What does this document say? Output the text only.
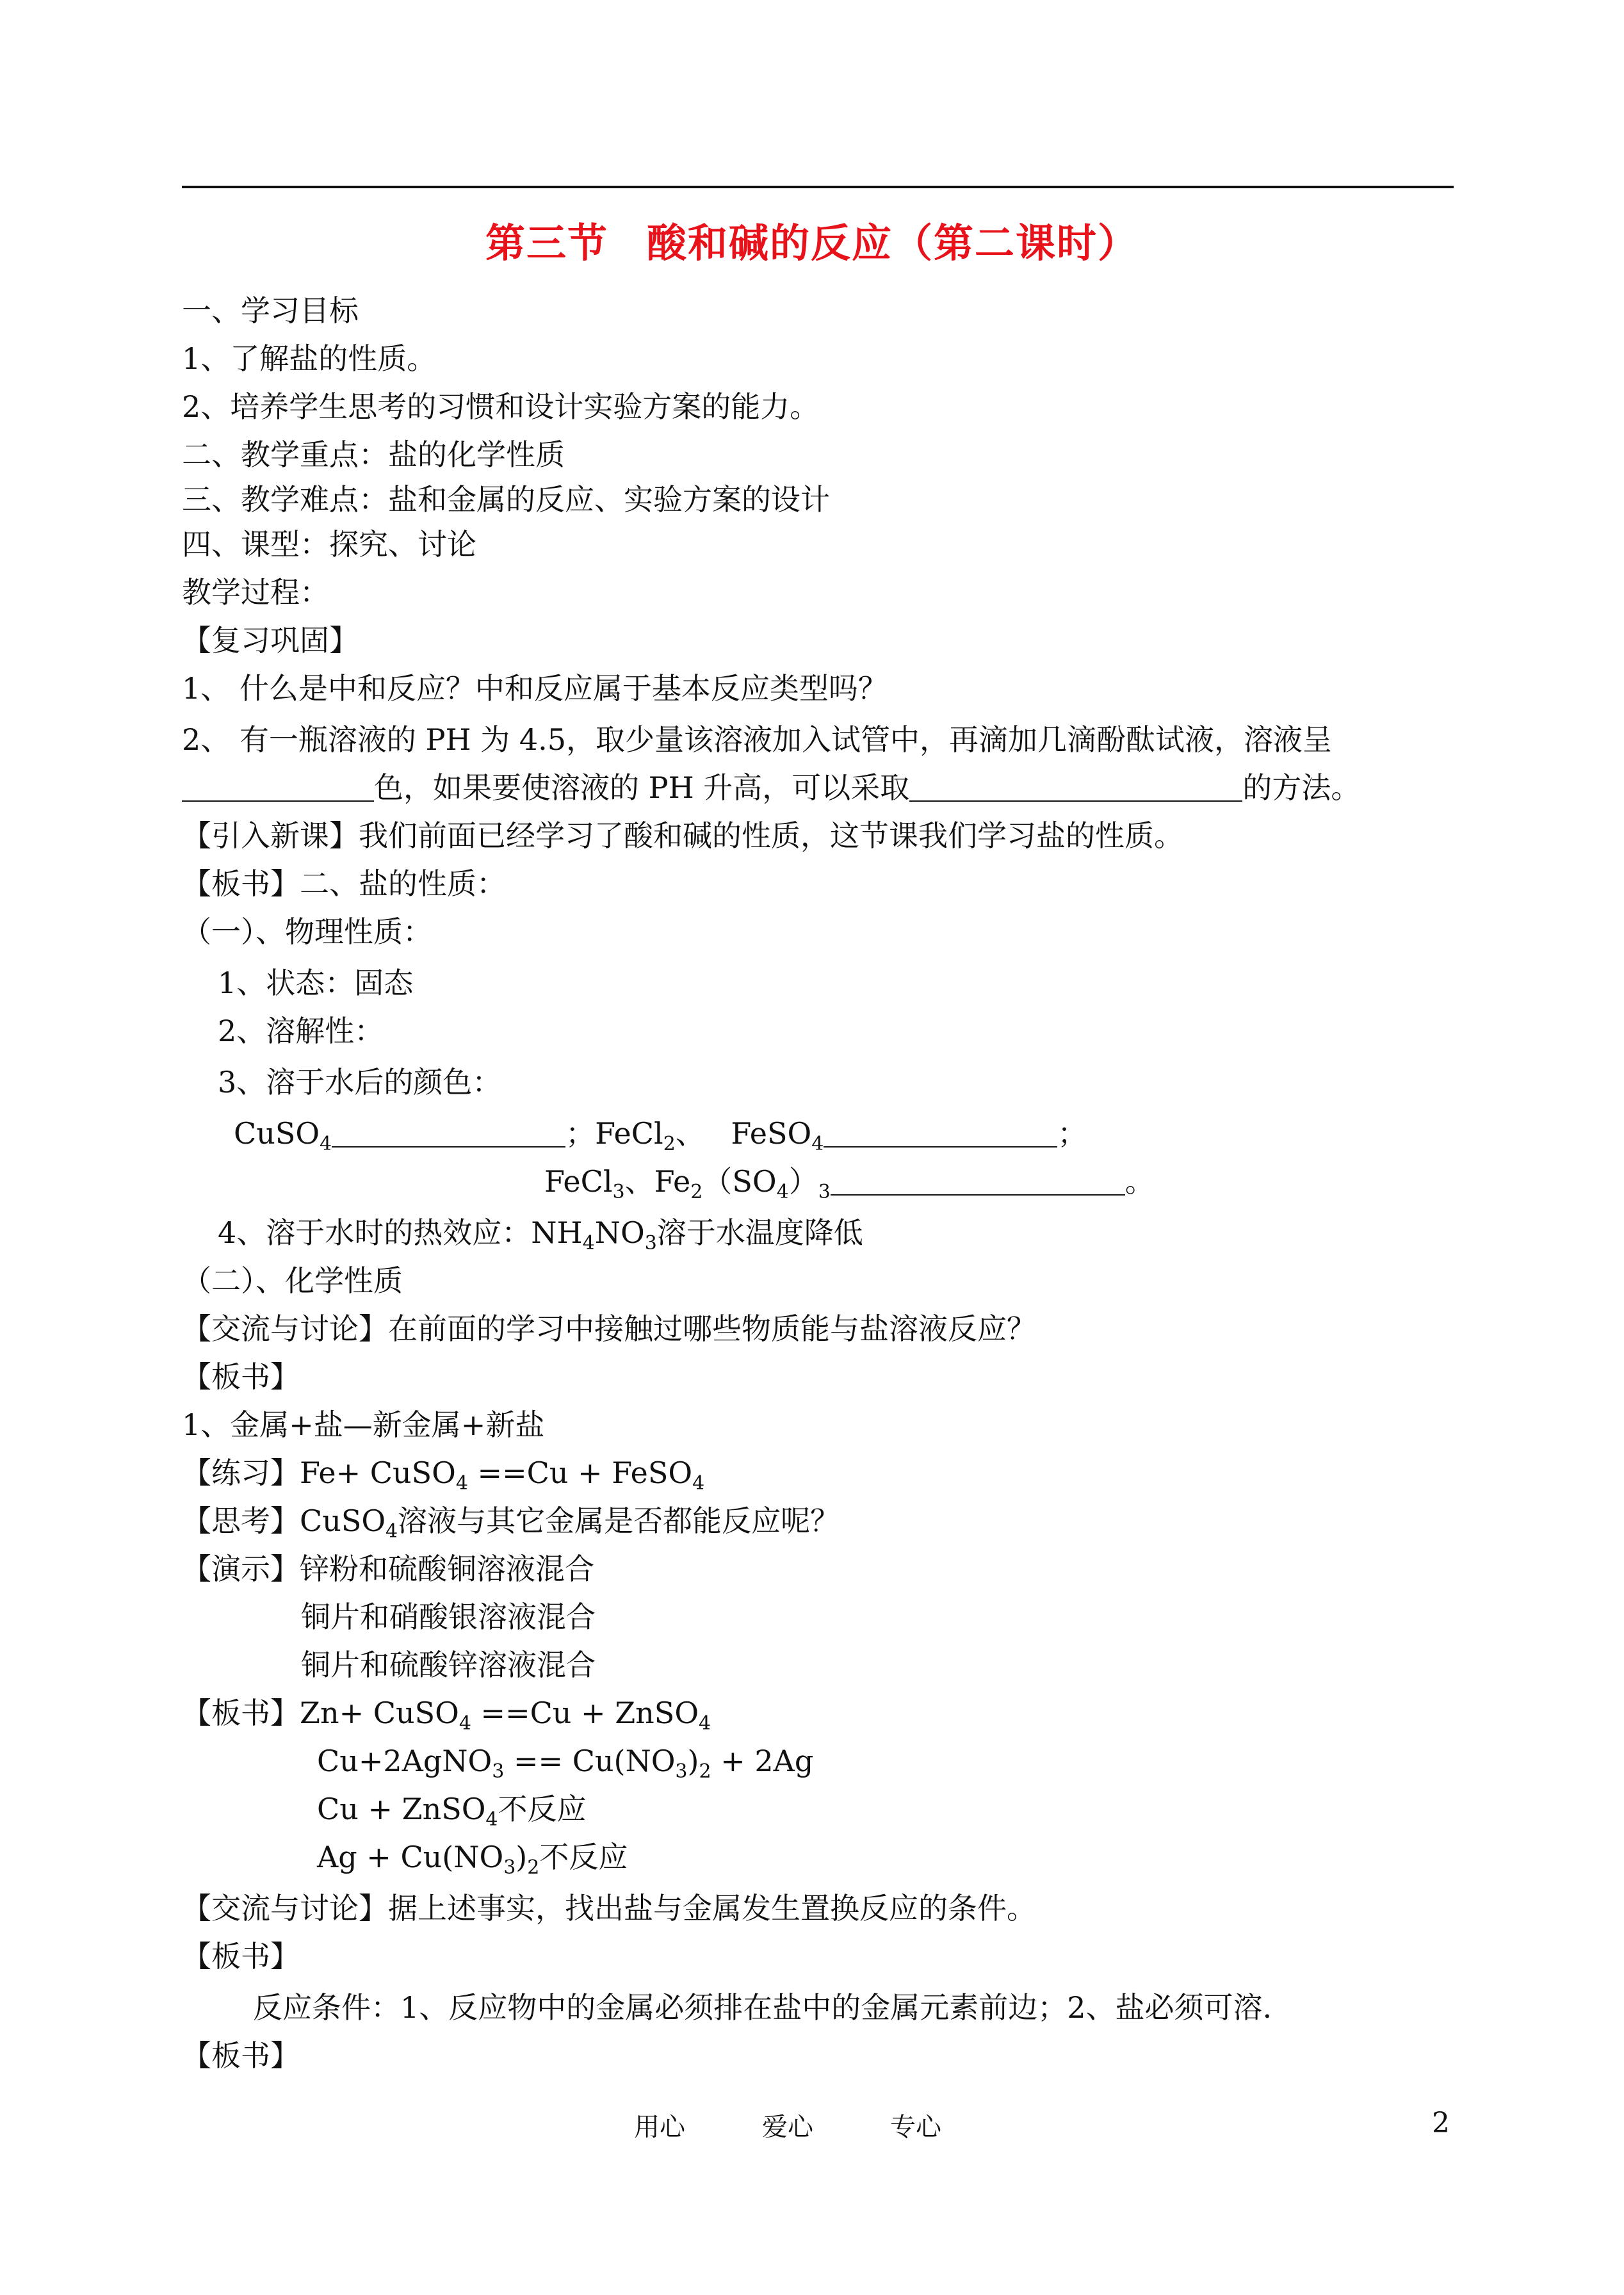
第三节 酸和碱的反应（第二课时）
一、学习目标
1、了解盐的性质。
2、培养学生思考的习惯和设计实验方案的能力。
二、教学重点：盐的化学性质
三、教学难点：盐和金属的反应、实验方案的设计
四、课型：探究、讨论
教学过程：
【复习巩固】
1、 什么是中和反应？中和反应属于基本反应类型吗？
2、 有一瓶溶液的 PH 为 4.5，取少量该溶液加入试管中，再滴加几滴酚酞试液，溶液呈
色，如果要使溶液的 PH 升高，可以采取	的方法。
【引入新课】我们前面已经学习了酸和碱的性质，这节课我们学习盐的性质。
【板书】二、盐的性质：
（一）、物理性质：
1、状态：固态
2、溶解性：
3、溶于水后的颜色：
CuSO$_4$	；FeCl$_2$、 FeSO$_4$	；
FeCl$_3$、$Fe_2(SO_4)_3$	。
4、溶于水时的热效应：$NH_4NO_3$溶于水温度降低
（二）、化学性质
【交流与讨论】在前面的学习中接触过哪些物质能与盐溶液反应？
【板书】
1、金属+盐—新金属+新盐
【练习】Fe+ CuSO$_4$ ==Cu + FeSO$_4$
【思考】CuSO$_4$溶液与其它金属是否都能反应呢？
【演示】锌粉和硫酸铜溶液混合
铜片和硝酸银溶液混合
铜片和硫酸锌溶液混合
【板书】Zn+ CuSO$_4$ ==Cu + ZnSO$_4$
Cu+2AgNO$_3$ == $Cu(NO_3)_2 + 2Ag$
Cu + ZnSO$_4$不反应
$Ag + Cu(NO_3)_2$不反应
【交流与讨论】据上述事实，找出盐与金属发生置换反应的条件。
【板书】
反应条件：1、反应物中的金属必须排在盐中的金属元素前边；2、盐必须可溶.
【板书】
用心	爱心	专心	2
